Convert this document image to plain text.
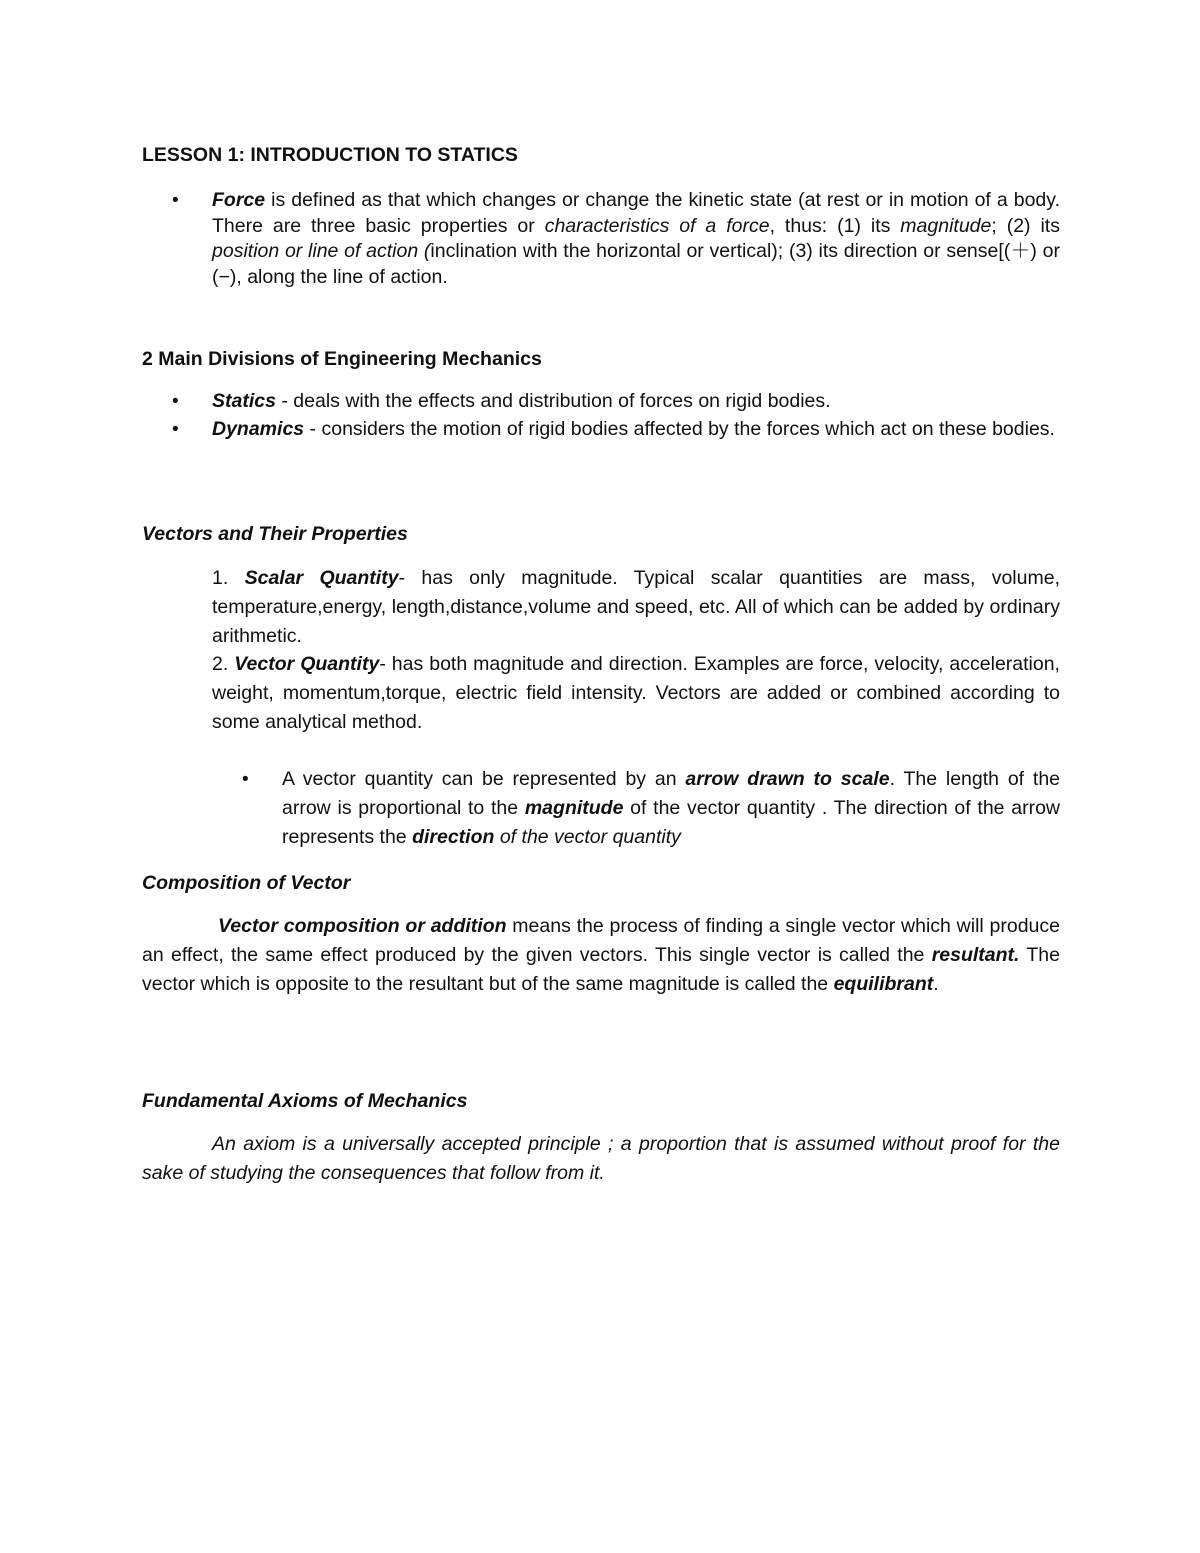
LESSON 1: INTRODUCTION TO STATICS

• Force is defined as that which changes or change the kinetic state (at rest or in motion of a body. There are three basic properties or characteristics of a force, thus: (1) its magnitude; (2) its position or line of action (inclination with the horizontal or vertical); (3) its direction or sense[(＋) or (−), along the line of action.

2 Main Divisions of Engineering Mechanics

• Statics - deals with the effects and distribution of forces on rigid bodies.
• Dynamics - considers the motion of rigid bodies affected by the forces which act on these bodies.

Vectors and Their Properties

1. Scalar Quantity- has only magnitude. Typical scalar quantities are mass, volume, temperature,energy, length,distance,volume and speed, etc. All of which can be added by ordinary arithmetic.
2. Vector Quantity- has both magnitude and direction. Examples are force, velocity, acceleration, weight, momentum,torque, electric field intensity. Vectors are added or combined according to some analytical method.
• A vector quantity can be represented by an arrow drawn to scale. The length of the arrow is proportional to the magnitude of the vector quantity . The direction of the arrow represents the direction of the vector quantity

Composition of Vector

Vector composition or addition means the process of finding a single vector which will produce an effect, the same effect produced by the given vectors. This single vector is called the resultant. The vector which is opposite to the resultant but of the same magnitude is called the equilibrant.

Fundamental Axioms of Mechanics

An axiom is a universally accepted principle ; a proportion that is assumed without proof for the sake of studying the consequences that follow from it.
